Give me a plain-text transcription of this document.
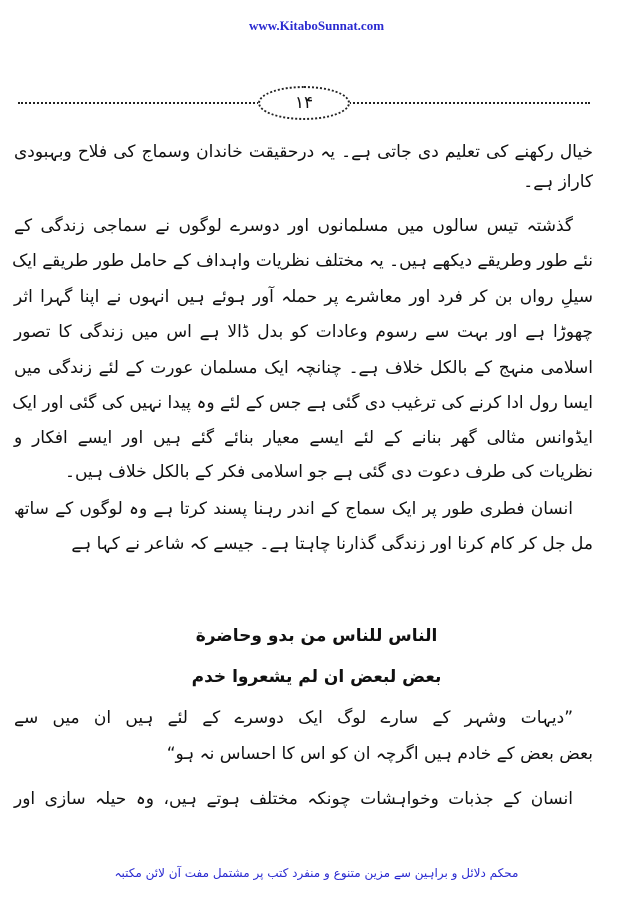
www.KitaboSunnat.com
۱۴
خیال رکھنے کی تعلیم دی جاتی ہے۔ یہ درحقیقت خاندان وسماج کی فلاح وبہبودی
کاراز ہے۔
گذشتہ تیس سالوں میں مسلمانوں اور دوسرے لوگوں نے سماجی زندگی کے
نئے طور وطریقے دیکھے ہیں۔ یہ مختلف نظریات واہداف کے حامل طور طریقے ایک
سیلِ رواں بن کر فرد اور معاشرے پر حملہ آور ہوئے ہیں انہوں نے اپنا گہرا اثر
چھوڑا ہے اور بہت سے رسوم وعادات کو بدل ڈالا ہے اس میں زندگی کا تصور
اسلامی منہج کے بالکل خلاف ہے۔ چنانچہ ایک مسلمان عورت کے لئے زندگی میں
ایسا رول ادا کرنے کی ترغیب دی گئی ہے جس کے لئے وہ پیدا نہیں کی گئی اور ایک
ایڈوانس مثالی گھر بنانے کے لئے ایسے معیار بنائے گئے ہیں اور ایسے افکار و
نظریات کی طرف دعوت دی گئی ہے جو اسلامی فکر کے بالکل خلاف ہیں۔
انسان فطری طور پر ایک سماج کے اندر رہنا پسند کرتا ہے وہ لوگوں کے ساتھ
مل جل کر کام کرنا اور زندگی گذارنا چاہتا ہے۔ جیسے کہ شاعر نے کہا ہے
الناس للناس من بدو وحاضرة
بعض لبعض ان لم یشعروا خدم
”دیہات وشہر کے سارے لوگ ایک دوسرے کے لئے ہیں ان میں سے
بعض بعض کے خادم ہیں اگرچہ ان کو اس کا احساس نہ ہو“
انسان کے جذبات وخواہشات چونکہ مختلف ہوتے ہیں، وہ حیلہ سازی اور
محکم دلائل و براہین سے مزین متنوع و منفرد کتب پر مشتمل مفت آن لائن مکتبہ
